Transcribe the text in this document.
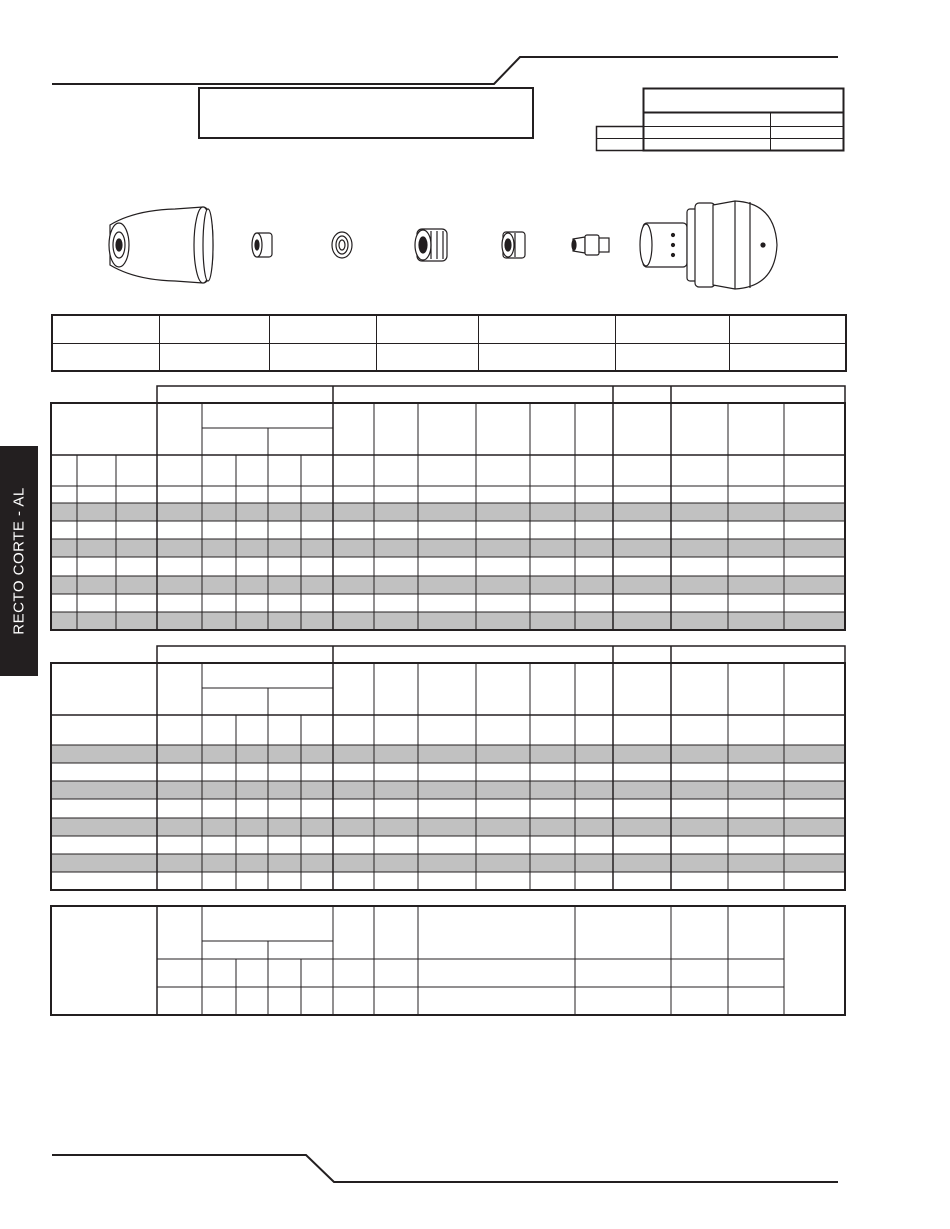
RECTO CORTE - AL
